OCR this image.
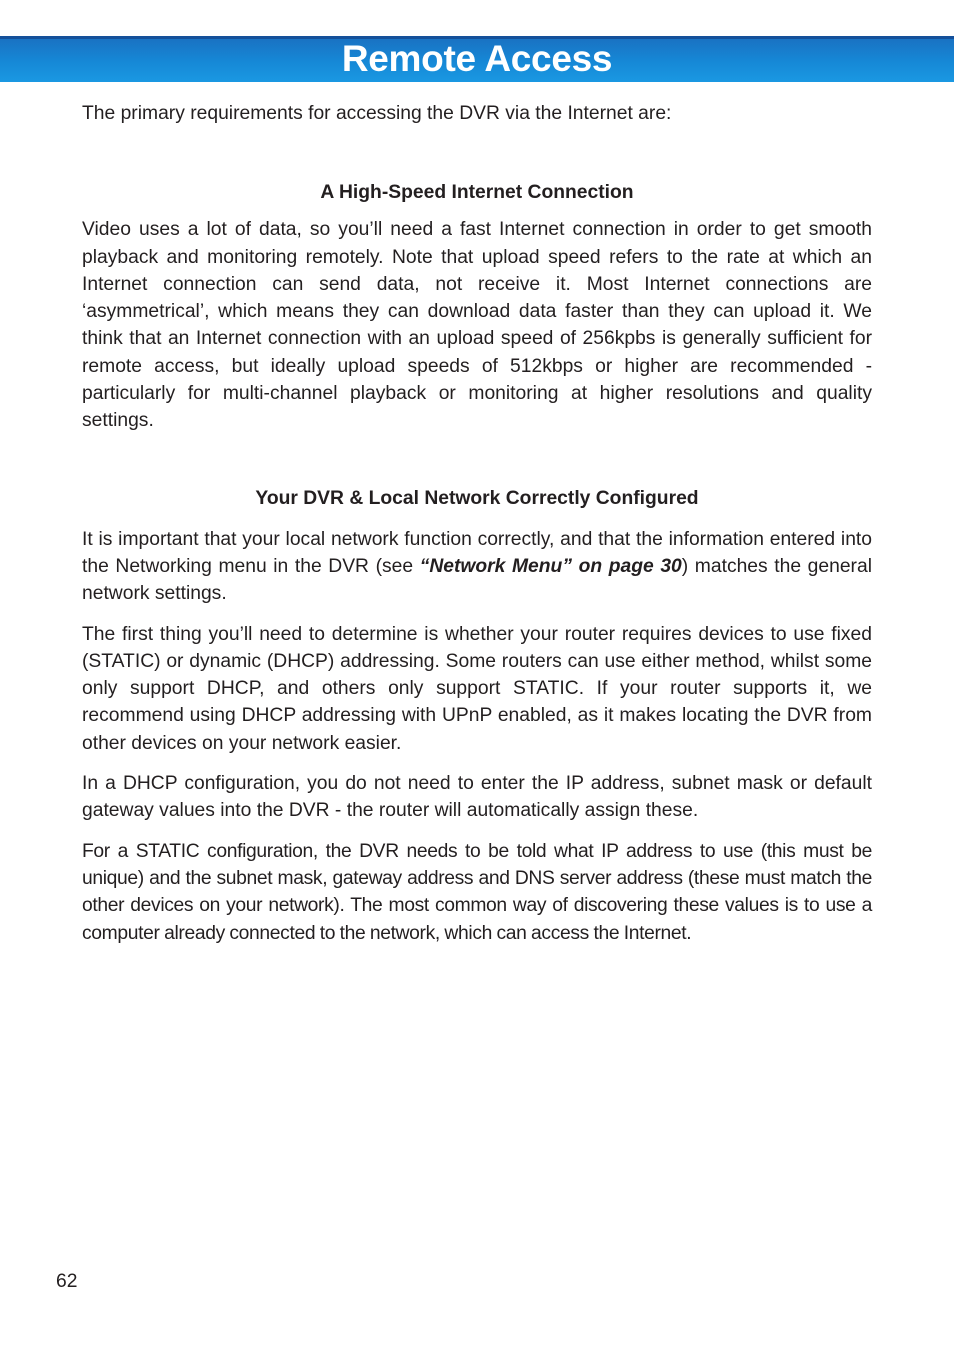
Remote Access

The primary requirements for accessing the DVR via the Internet are:

A High-Speed Internet Connection

Video uses a lot of data, so you’ll need a fast Internet connection in order to get smooth playback and monitoring remotely. Note that upload speed refers to the rate at which an Internet connection can send data, not receive it. Most Internet connections are ‘asymmetrical’, which means they can download data faster than they can upload it. We think that an Internet connection with an upload speed of 256kpbs is generally sufficient for remote access, but ideally upload speeds of 512kbps or higher are recommended - particularly for multi-channel playback or monitoring at higher resolutions and quality settings.

Your DVR & Local Network Correctly Configured

It is important that your local network function correctly, and that the information entered into the Networking menu in the DVR (see “Network Menu” on page 30) matches the general network settings.

The first thing you’ll need to determine is whether your router requires devices to use fixed (STATIC) or dynamic (DHCP) addressing. Some routers can use either method, whilst some only support DHCP, and others only support STATIC. If your router supports it, we recommend using DHCP addressing with UPnP enabled, as it makes locating the DVR from other devices on your network easier.

In a DHCP configuration, you do not need to enter the IP address, subnet mask or default gateway values into the DVR - the router will automatically assign these.

For a STATIC configuration, the DVR needs to be told what IP address to use (this must be unique) and the subnet mask, gateway address and DNS server address (these must match the other devices on your network). The most common way of discovering these values is to use a computer already connected to the network, which can access the Internet.

62
